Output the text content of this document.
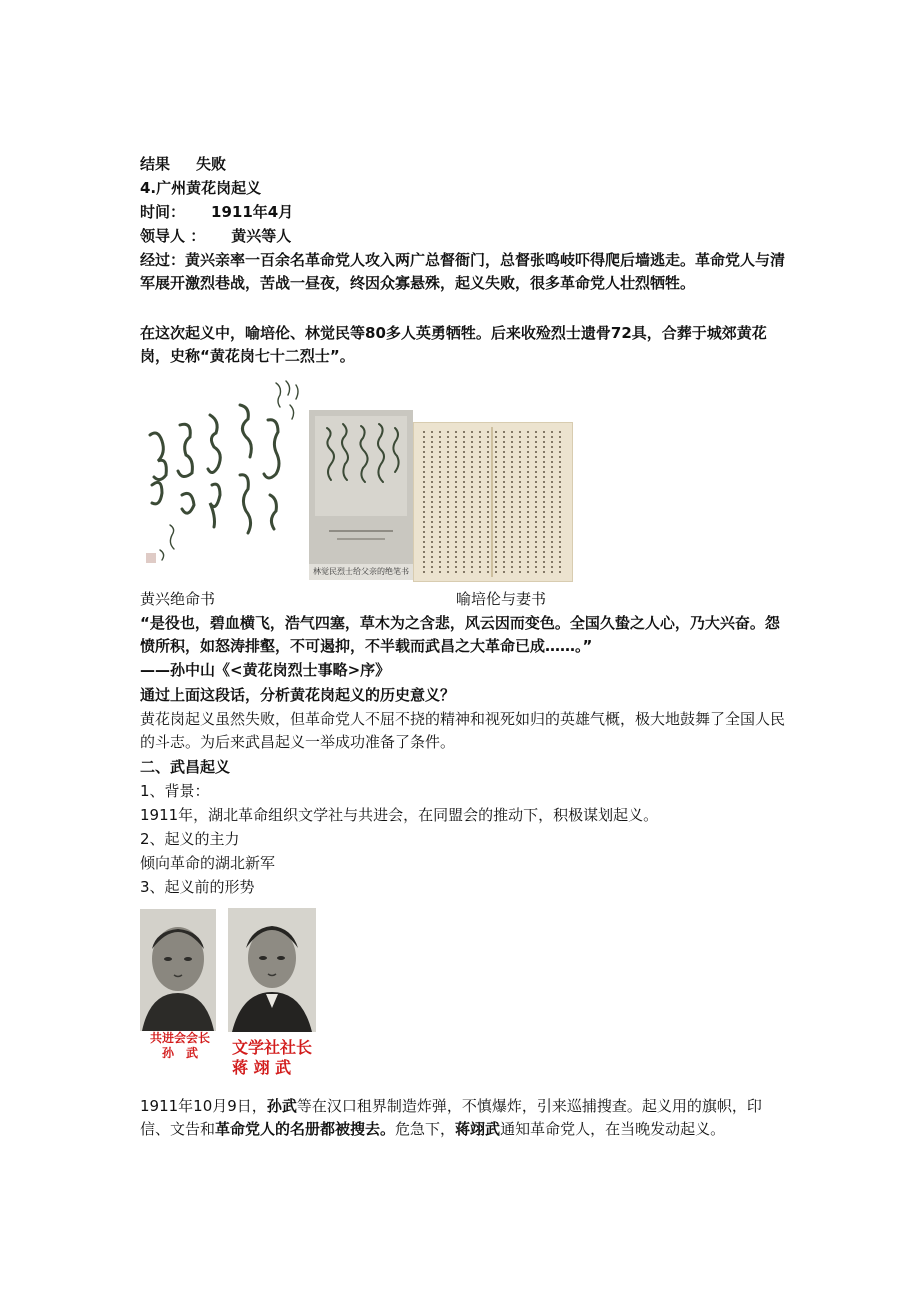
结果 失败
4.广州黄花岗起义
时间： 1911年4月
领导人 ： 黄兴等人
经过：黄兴亲率一百余名革命党人攻入两广总督衙门，总督张鸣岐吓得爬后墙逃走。革命党人与清军展开激烈巷战，苦战一昼夜，终因众寡悬殊，起义失败，很多革命党人壮烈牺牲。
在这次起义中，喻培伦、林觉民等80多人英勇牺牲。后来收殓烈士遗骨72具，合葬于城郊黄花岗，史称“黄花岗七十二烈士”。
林觉民烈士给父亲的绝笔书
黄兴绝命书	喻培伦与妻书
“是役也，碧血横飞，浩气四塞，草木为之含悲，风云因而变色。全国久蛰之人心，乃大兴奋。怨愤所积，如怒涛排壑，不可遏抑，不半载而武昌之大革命已成……。”
——孙中山《<黄花岗烈士事略>序》
通过上面这段话，分析黄花岗起义的历史意义？
黄花岗起义虽然失败，但革命党人不屈不挠的精神和视死如归的英雄气概，极大地鼓舞了全国人民的斗志。为后来武昌起义一举成功准备了条件。
二、武昌起义
1、背景：
1911年，湖北革命组织文学社与共进会，在同盟会的推动下，积极谋划起义。
2、起义的主力
倾向革命的湖北新军
3、起义前的形势
共进会会长
孙　武	文学社社长
蒋 翊 武
1911年10月9日，孙武等在汉口租界制造炸弹，不慎爆炸，引来巡捕搜查。起义用的旗帜，印信、文告和革命党人的名册都被搜去。危急下，蒋翊武通知革命党人，在当晚发动起义。
